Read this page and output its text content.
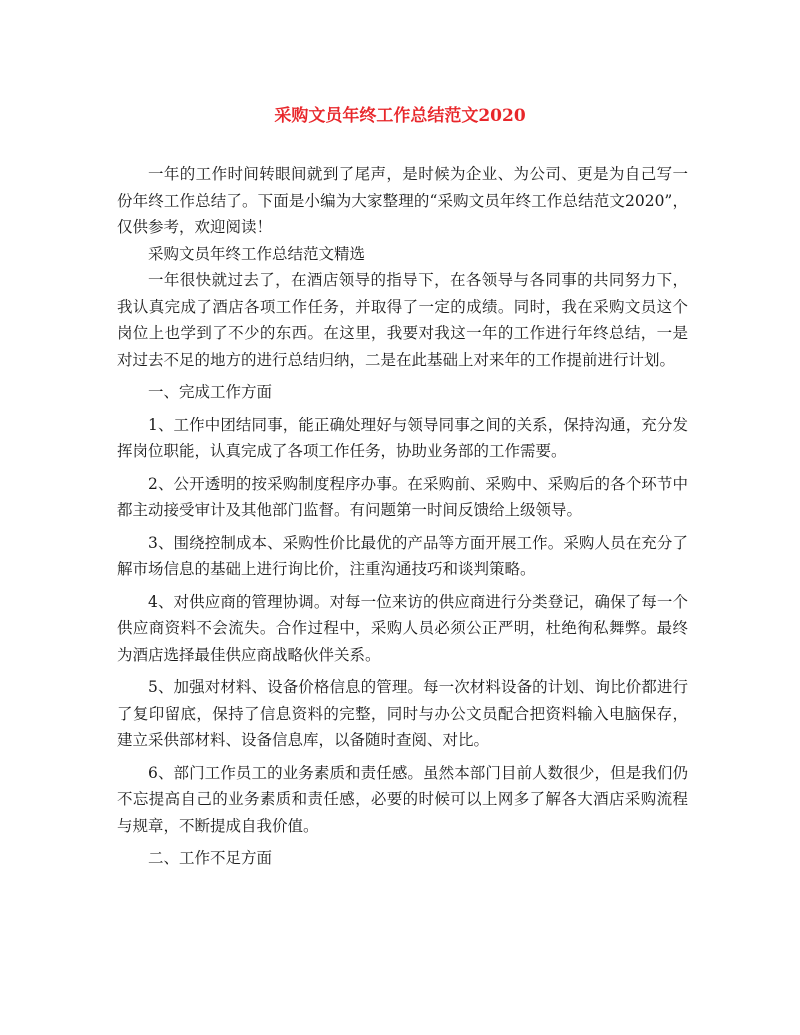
采购文员年终工作总结范文2020

一年的工作时间转眼间就到了尾声，是时候为企业、为公司、更是为自己写一份年终工作总结了。下面是小编为大家整理的“采购文员年终工作总结范文2020”，仅供参考，欢迎阅读！

采购文员年终工作总结范文精选

一年很快就过去了，在酒店领导的指导下，在各领导与各同事的共同努力下，我认真完成了酒店各项工作任务，并取得了一定的成绩。同时，我在采购文员这个岗位上也学到了不少的东西。在这里，我要对我这一年的工作进行年终总结，一是对过去不足的地方的进行总结归纳，二是在此基础上对来年的工作提前进行计划。

一、完成工作方面

1、工作中团结同事，能正确处理好与领导同事之间的关系，保持沟通，充分发挥岗位职能，认真完成了各项工作任务，协助业务部的工作需要。

2、公开透明的按采购制度程序办事。在采购前、采购中、采购后的各个环节中都主动接受审计及其他部门监督。有问题第一时间反馈给上级领导。

3、围绕控制成本、采购性价比最优的产品等方面开展工作。采购人员在充分了解市场信息的基础上进行询比价，注重沟通技巧和谈判策略。

4、对供应商的管理协调。对每一位来访的供应商进行分类登记，确保了每一个供应商资料不会流失。合作过程中，采购人员必须公正严明，杜绝徇私舞弊。最终为酒店选择最佳供应商战略伙伴关系。

5、加强对材料、设备价格信息的管理。每一次材料设备的计划、询比价都进行了复印留底，保持了信息资料的完整，同时与办公文员配合把资料输入电脑保存，建立采供部材料、设备信息库，以备随时查阅、对比。

6、部门工作员工的业务素质和责任感。虽然本部门目前人数很少，但是我们仍不忘提高自己的业务素质和责任感，必要的时候可以上网多了解各大酒店采购流程与规章，不断提成自我价值。

二、工作不足方面
